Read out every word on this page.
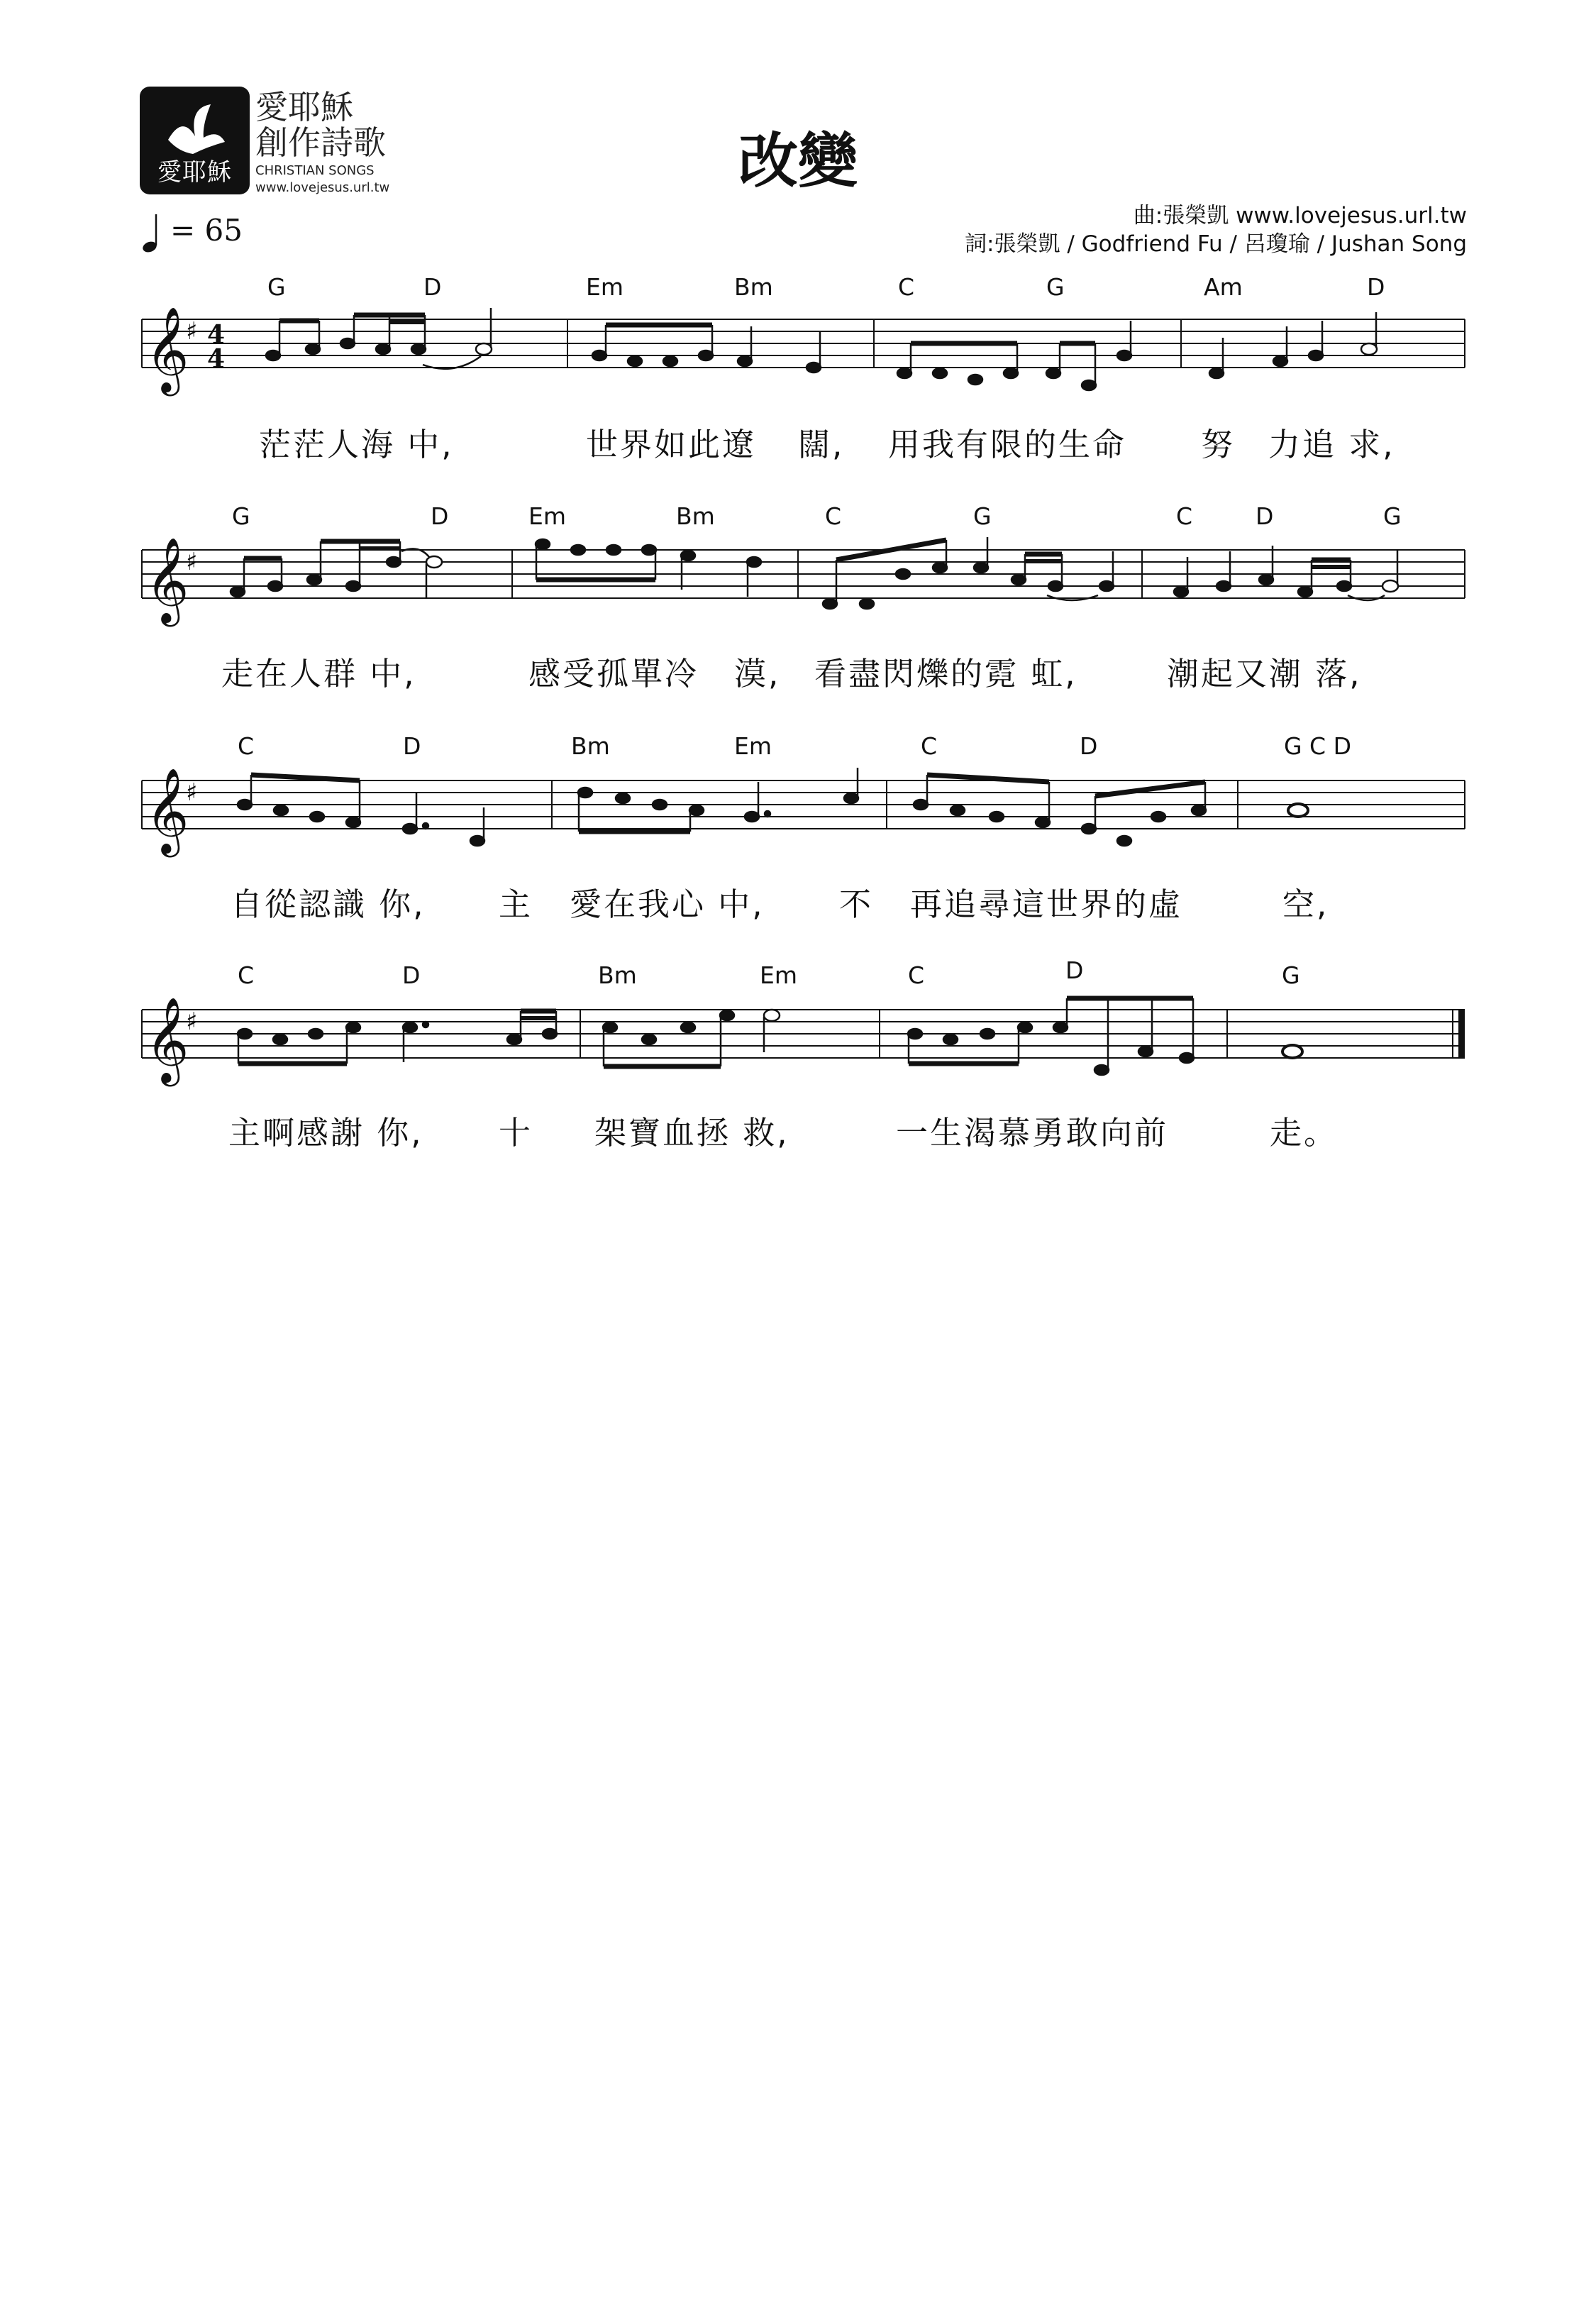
愛耶穌
愛耶穌
創作詩歌
CHRISTIAN SONGS
www.lovejesus.url.tw	改變
曲:張榮凱 www.lovejesus.url.tw
詞:張榮凱 / Godfriend Fu / 呂瓊瑜 / Jushan Song
= 65
G	D	Em	Bm	C	G	Am	D
𝄞
♯ 4
4
茫茫人海 中,	世界如此遼 闊, 用我有限的生命 努 力追 求,
G	D	Em	Bm	C	G	C	D	G
𝄞
♯
走在人群 中,	感受孤單冷 漠, 看盡閃爍的霓 虹,	潮起又潮 落,
C	D	Bm	Em	C	D	G C D
𝄞
♯
自從認識 你, 主 愛在我心 中, 不 再追尋這世界的虛	空,
C	D	Bm	Em	C	D	G
𝄞
♯
主啊感謝 你, 十 架寶血拯 救,	一生渴慕勇敢向前	走。
